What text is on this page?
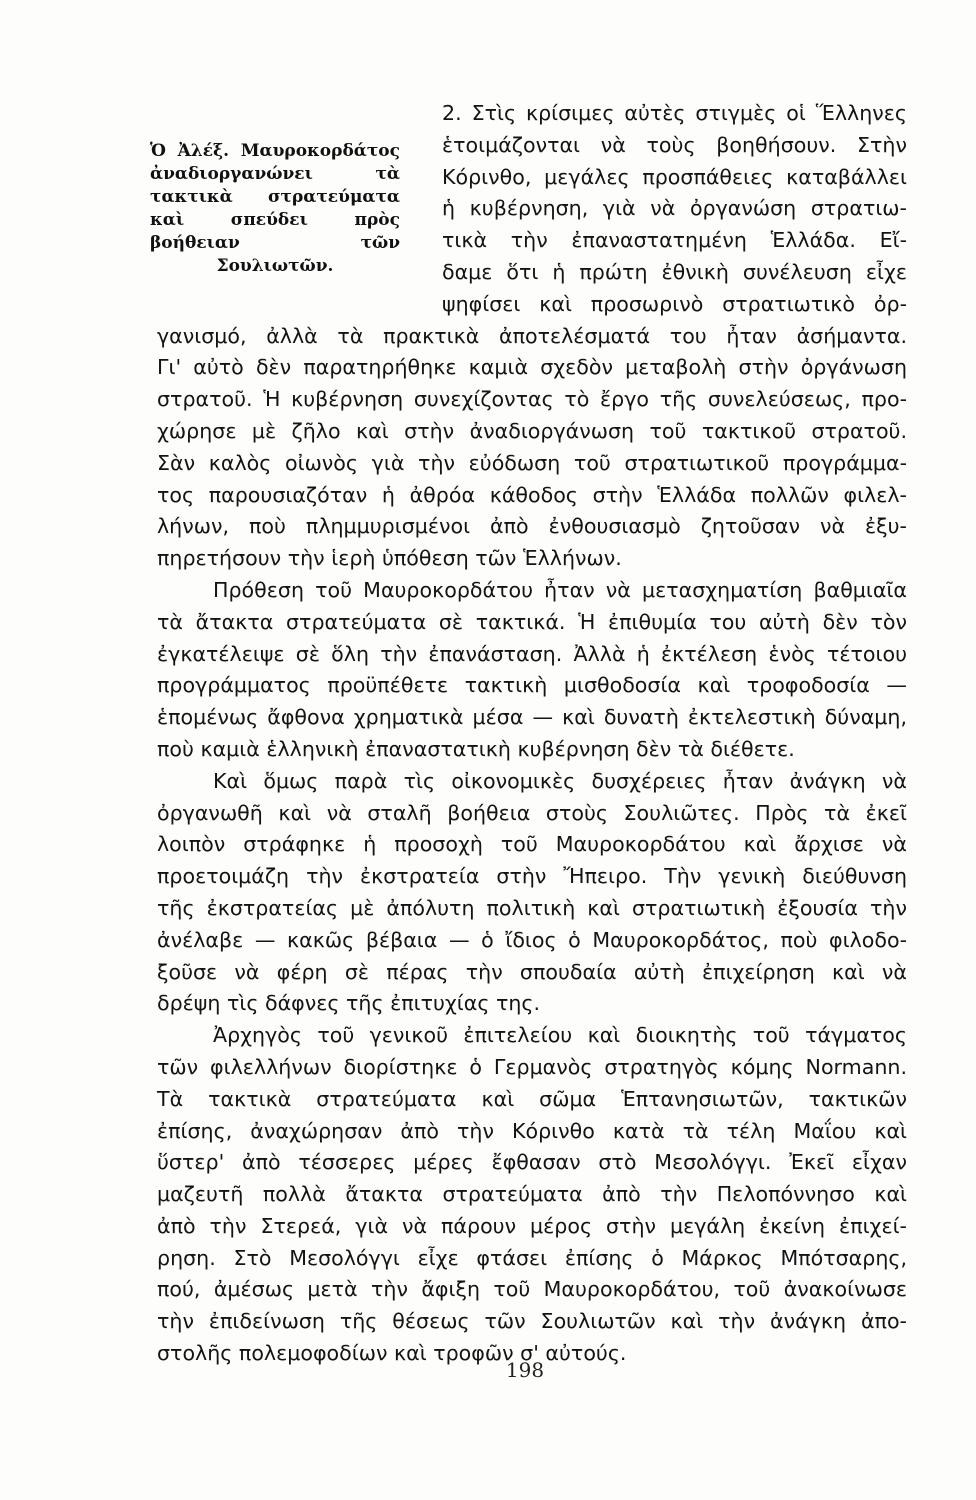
Ὁ Ἀλέξ. Μαυροκορδάτος ἀναδιοργανώνει τὰ τακτικὰ στρατεύματα καὶ σπεύδει πρὸς βοήθειαν τῶν Σουλιωτῶν.
2. Στὶς κρίσιμες αὐτὲς στιγμὲς οἱ Ἕλληνες
ἑτοιμάζονται νὰ τοὺς βοηθήσουν. Στὴν
Κόρινθο, μεγάλες προσπάθειες καταβάλλει
ἡ κυβέρνηση, γιὰ νὰ ὀργανώση στρατιω-
τικὰ τὴν ἐπαναστατημένη Ἑλλάδα. Εἴ-
δαμε ὅτι ἡ πρώτη ἐθνικὴ συνέλευση εἶχε
ψηφίσει καὶ προσωρινὸ στρατιωτικὸ ὀρ-
γανισμό, ἀλλὰ τὰ πρακτικὰ ἀποτελέσματά του ἦταν ἀσήμαντα.
Γι' αὐτὸ δὲν παρατηρήθηκε καμιὰ σχεδὸν μεταβολὴ στὴν ὀργάνωση
στρατοῦ. Ἡ κυβέρνηση συνεχίζοντας τὸ ἔργο τῆς συνελεύσεως, προ-
χώρησε μὲ ζῆλο καὶ στὴν ἀναδιοργάνωση τοῦ τακτικοῦ στρατοῦ.
Σὰν καλὸς οἰωνὸς γιὰ τὴν εὐόδωση τοῦ στρατιωτικοῦ προγράμμα-
τος παρουσιαζόταν ἡ ἀθρόα κάθοδος στὴν Ἑλλάδα πολλῶν φιλελ-
λήνων, ποὺ πλημμυρισμένοι ἀπὸ ἐνθουσιασμὸ ζητοῦσαν νὰ ἐξυ-
πηρετήσουν τὴν ἱερὴ ὑπόθεση τῶν Ἑλλήνων.
Πρόθεση τοῦ Μαυροκορδάτου ἦταν νὰ μετασχηματίση βαθμιαῖα
τὰ ἄτακτα στρατεύματα σὲ τακτικά. Ἡ ἐπιθυμία του αὐτὴ δὲν τὸν
ἐγκατέλειψε σὲ ὅλη τὴν ἐπανάσταση. Ἀλλὰ ἡ ἐκτέλεση ἑνὸς τέτοιου
προγράμματος προϋπέθετε τακτικὴ μισθοδοσία καὶ τροφοδοσία —
ἑπομένως ἄφθονα χρηματικὰ μέσα — καὶ δυνατὴ ἐκτελεστικὴ δύναμη,
ποὺ καμιὰ ἑλληνικὴ ἐπαναστατικὴ κυβέρνηση δὲν τὰ διέθετε.
Καὶ ὅμως παρὰ τὶς οἰκονομικὲς δυσχέρειες ἦταν ἀνάγκη νὰ
ὀργανωθῆ καὶ νὰ σταλῆ βοήθεια στοὺς Σουλιῶτες. Πρὸς τὰ ἐκεῖ
λοιπὸν στράφηκε ἡ προσοχὴ τοῦ Μαυροκορδάτου καὶ ἄρχισε νὰ
προετοιμάζη τὴν ἐκστρατεία στὴν Ἤπειρο. Τὴν γενικὴ διεύθυνση
τῆς ἐκστρατείας μὲ ἀπόλυτη πολιτικὴ καὶ στρατιωτικὴ ἐξουσία τὴν
ἀνέλαβε — κακῶς βέβαια — ὁ ἴδιος ὁ Μαυροκορδάτος, ποὺ φιλοδο-
ξοῦσε νὰ φέρη σὲ πέρας τὴν σπουδαία αὐτὴ ἐπιχείρηση καὶ νὰ
δρέψη τὶς δάφνες τῆς ἐπιτυχίας της.
Ἀρχηγὸς τοῦ γενικοῦ ἐπιτελείου καὶ διοικητὴς τοῦ τάγματος
τῶν φιλελλήνων διορίστηκε ὁ Γερμανὸς στρατηγὸς κόμης Normann.
Τὰ τακτικὰ στρατεύματα καὶ σῶμα Ἑπτανησιωτῶν, τακτικῶν
ἐπίσης, ἀναχώρησαν ἀπὸ τὴν Κόρινθο κατὰ τὰ τέλη Μαΐου καὶ
ὕστερ' ἀπὸ τέσσερες μέρες ἔφθασαν στὸ Μεσολόγγι. Ἐκεῖ εἶχαν
μαζευτῆ πολλὰ ἄτακτα στρατεύματα ἀπὸ τὴν Πελοπόννησο καὶ
ἀπὸ τὴν Στερεά, γιὰ νὰ πάρουν μέρος στὴν μεγάλη ἐκείνη ἐπιχεί-
ρηση. Στὸ Μεσολόγγι εἶχε φτάσει ἐπίσης ὁ Μάρκος Μπότσαρης,
πού, ἀμέσως μετὰ τὴν ἄφιξη τοῦ Μαυροκορδάτου, τοῦ ἀνακοίνωσε
τὴν ἐπιδείνωση τῆς θέσεως τῶν Σουλιωτῶν καὶ τὴν ἀνάγκη ἀπο-
στολῆς πολεμοφοδίων καὶ τροφῶν σ' αὐτούς.
198
